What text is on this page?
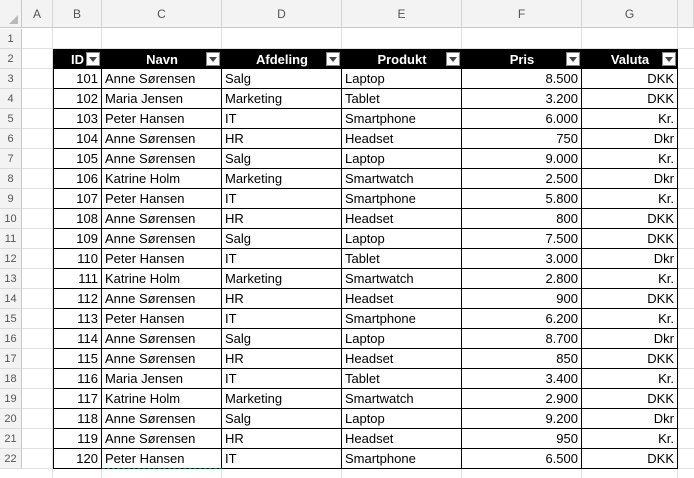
A	B	C	D	E	F	G
1
2
3
4
5
6
7
8
9
10
11
12
13
14
15
16
17
18
19
20
21
22
ID	Navn	Afdeling	Produkt	Pris	Valuta
101 Anne Sørensen	Salg	Laptop	8.500	DKK
102 Maria Jensen	Marketing	Tablet	3.200	DKK
103 Peter Hansen	IT	Smartphone	6.000	Kr.
104 Anne Sørensen	HR	Headset	750	Dkr
105 Anne Sørensen	Salg	Laptop	9.000	Kr.
106 Katrine Holm	Marketing	Smartwatch	2.500	Dkr
107 Peter Hansen	IT	Smartphone	5.800	Kr.
108 Anne Sørensen	HR	Headset	800	DKK
109 Anne Sørensen	Salg	Laptop	7.500	DKK
110 Peter Hansen	IT	Tablet	3.000	Dkr
111 Katrine Holm	Marketing	Smartwatch	2.800	Kr.
112 Anne Sørensen	HR	Headset	900	DKK
113 Peter Hansen	IT	Smartphone	6.200	Kr.
114 Anne Sørensen	Salg	Laptop	8.700	Dkr
115 Anne Sørensen	HR	Headset	850	DKK
116 Maria Jensen	IT	Tablet	3.400	Kr.
117 Katrine Holm	Marketing	Smartwatch	2.900	DKK
118 Anne Sørensen	Salg	Laptop	9.200	Dkr
119 Anne Sørensen	HR	Headset	950	Kr.
120 Peter Hansen	IT	Smartphone	6.500	DKK
